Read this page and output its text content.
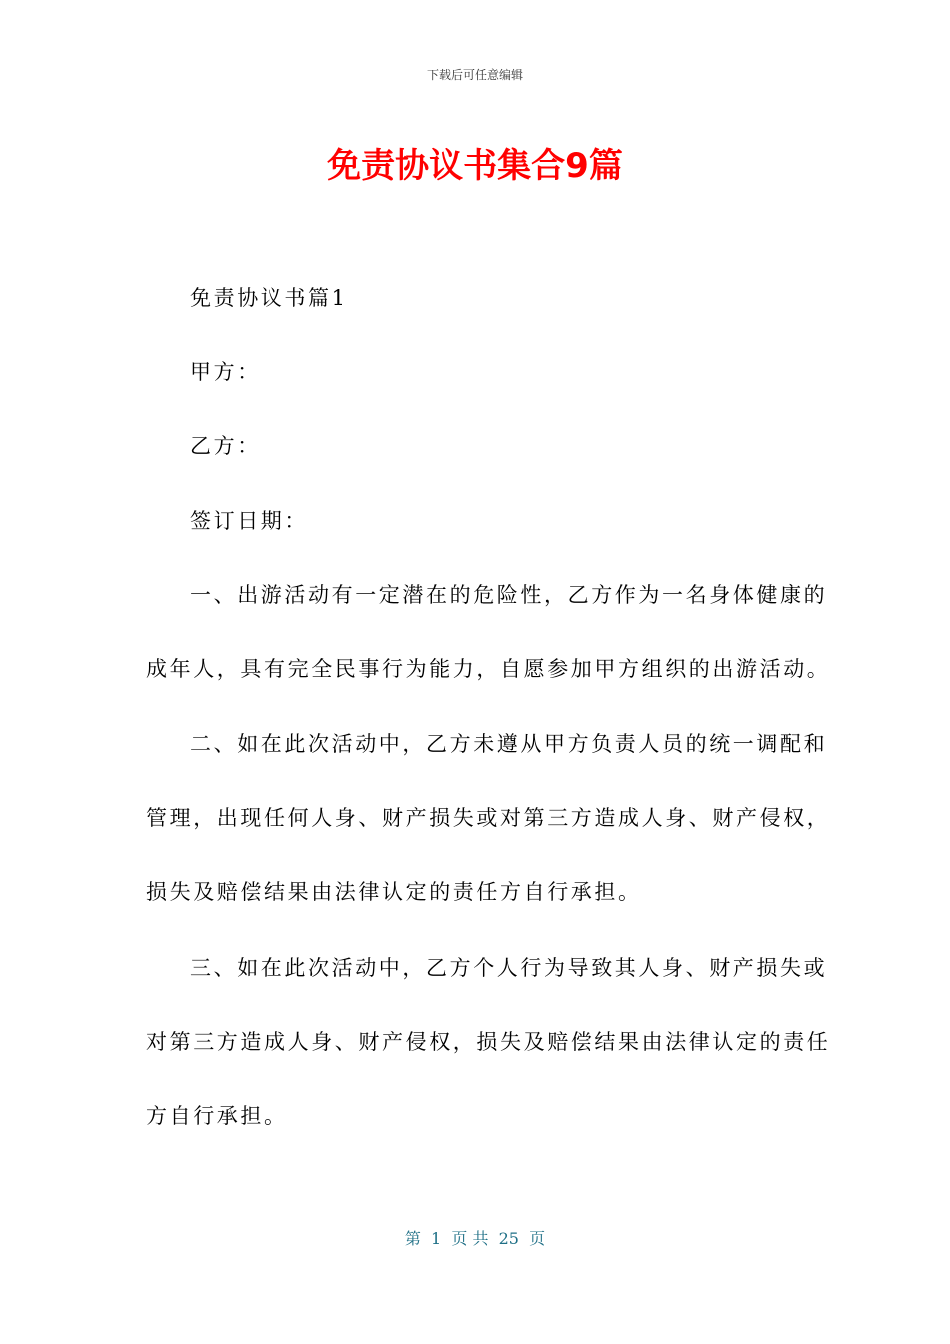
下载后可任意编辑
免责协议书集合9篇

免责协议书篇1

甲方：

乙方：

签订日期：

一、出游活动有一定潜在的危险性，乙方作为一名身体健康的

成年人，具有完全民事行为能力，自愿参加甲方组织的出游活动。

二、如在此次活动中，乙方未遵从甲方负责人员的统一调配和

管理，出现任何人身、财产损失或对第三方造成人身、财产侵权，

损失及赔偿结果由法律认定的责任方自行承担。

三、如在此次活动中，乙方个人行为导致其人身、财产损失或

对第三方造成人身、财产侵权，损失及赔偿结果由法律认定的责任

方自行承担。

第  1  页 共  25  页
